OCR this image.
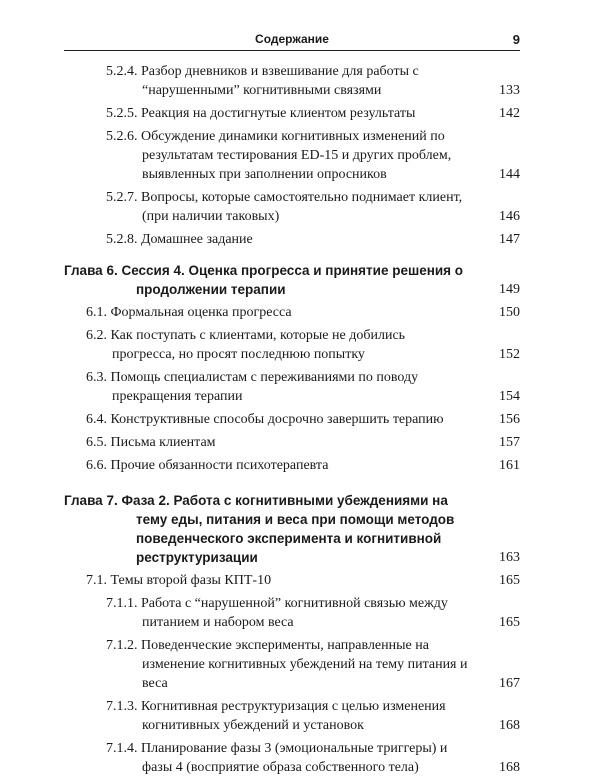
Содержание	9
5.2.4. Разбор дневников и взвешивание для работы с “нарушенными” когнитивными связями	133
5.2.5. Реакция на достигнутые клиентом результаты	142
5.2.6. Обсуждение динамики когнитивных изменений по результатам тестирования ED-15 и других проблем, выявленных при заполнении опросников	144
5.2.7. Вопросы, которые самостоятельно поднимает клиент, (при наличии таковых)	146
5.2.8. Домашнее задание	147
Глава 6. Сессия 4. Оценка прогресса и принятие решения о продолжении терапии	149
6.1. Формальная оценка прогресса	150
6.2. Как поступать с клиентами, которые не добились прогресса, но просят последнюю попытку	152
6.3. Помощь специалистам с переживаниями по поводу прекращения терапии	154
6.4. Конструктивные способы досрочно завершить терапию	156
6.5. Письма клиентам	157
6.6. Прочие обязанности психотерапевта	161
Глава 7. Фаза 2. Работа с когнитивными убеждениями на тему еды, питания и веса при помощи методов поведенческого эксперимента и когнитивной реструктуризации	163
7.1. Темы второй фазы КПТ-10	165
7.1.1. Работа с “нарушенной” когнитивной связью между питанием и набором веса	165
7.1.2. Поведенческие эксперименты, направленные на изменение когнитивных убеждений на тему питания и веса	167
7.1.3. Когнитивная реструктуризация с целью изменения когнитивных убеждений и установок	168
7.1.4. Планирование фазы 3 (эмоциональные триггеры) и фазы 4 (восприятие образа собственного тела)	168
